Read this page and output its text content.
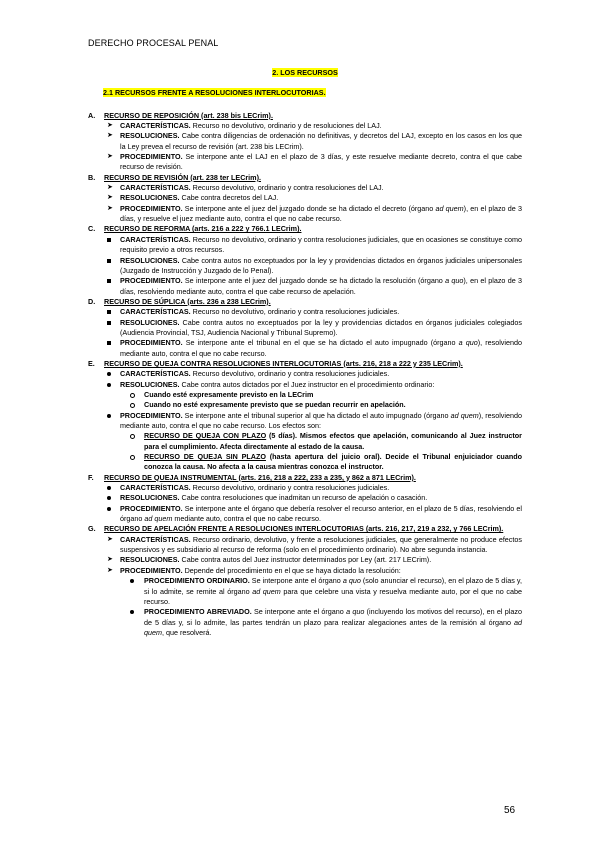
DERECHO PROCESAL PENAL
2. LOS RECURSOS
2.1 RECURSOS FRENTE A RESOLUCIONES INTERLOCUTORIAS.
A. RECURSO DE REPOSICIÓN (art. 238 bis LECrim).
➤ CARACTERÍSTICAS. Recurso no devolutivo, ordinario y de resoluciones del LAJ.
➤ RESOLUCIONES. Cabe contra diligencias de ordenación no definitivas, y decretos del LAJ, excepto en los casos en los que la Ley prevea el recurso de revisión (art. 238 bis LECrim).
➤ PROCEDIMIENTO. Se interpone ante el LAJ en el plazo de 3 días, y este resuelve mediante decreto, contra el que cabe recurso de revisión.
B. RECURSO DE REVISIÓN (art. 238 ter LECrim).
➤ CARACTERÍSTICAS. Recurso devolutivo, ordinario y contra resoluciones del LAJ.
➤ RESOLUCIONES. Cabe contra decretos del LAJ.
➤ PROCEDIMIENTO. Se interpone ante el juez del juzgado donde se ha dictado el decreto (órgano ad quem), en el plazo de 3 días, y resuelve el juez mediante auto, contra el que no cabe recurso.
C. RECURSO DE REFORMA (arts. 216 a 222 y 766.1 LECrim).
CARACTERÍSTICAS. Recurso no devolutivo, ordinario y contra resoluciones judiciales, que en ocasiones se constituye como requisito previo a otros recursos.
RESOLUCIONES. Cabe contra autos no exceptuados por la ley y providencias dictados en órganos judiciales unipersonales (Juzgado de Instrucción y Juzgado de lo Penal).
PROCEDIMIENTO. Se interpone ante el juez del juzgado donde se ha dictado la resolución (órgano a quo), en el plazo de 3 días, resolviendo mediante auto, contra el que cabe recurso de apelación.
D. RECURSO DE SÚPLICA (arts. 236 a 238 LECrim).
CARACTERÍSTICAS. Recurso no devolutivo, ordinario y contra resoluciones judiciales.
RESOLUCIONES. Cabe contra autos no exceptuados por la ley y providencias dictados en órganos judiciales colegiados (Audiencia Provincial, TSJ, Audiencia Nacional y Tribunal Supremo).
PROCEDIMIENTO. Se interpone ante el tribunal en el que se ha dictado el auto impugnado (órgano a quo), resolviendo mediante auto, contra el que no cabe recurso.
E. RECURSO DE QUEJA CONTRA RESOLUCIONES INTERLOCUTORIAS (arts. 216, 218 a 222 y 235 LECrim).
CARACTERÍSTICAS. Recurso devolutivo, ordinario y contra resoluciones judiciales.
RESOLUCIONES. Cabe contra autos dictados por el Juez instructor en el procedimiento ordinario:
Cuando esté expresamente previsto en la LECrim
Cuando no esté expresamente previsto que se puedan recurrir en apelación.
PROCEDIMIENTO. Se interpone ante el tribunal superior al que ha dictado el auto impugnado (órgano ad quem), resolviendo mediante auto, contra el que no cabe recurso. Los efectos son:
RECURSO DE QUEJA CON PLAZO (5 días). Mismos efectos que apelación, comunicando al Juez instructor para el cumplimiento. Afecta directamente al estado de la causa.
RECURSO DE QUEJA SIN PLAZO (hasta apertura del juicio oral). Decide el Tribunal enjuiciador cuando conozca la causa. No afecta a la causa mientras conozca el instructor.
F. RECURSO DE QUEJA INSTRUMENTAL (arts. 216, 218 a 222, 233 a 235, y 862 a 871 LECrim).
CARACTERÍSTICAS. Recurso devolutivo, ordinario y contra resoluciones judiciales.
RESOLUCIONES. Cabe contra resoluciones que inadmitan un recurso de apelación o casación.
PROCEDIMIENTO. Se interpone ante el órgano que debería resolver el recurso anterior, en el plazo de 5 días, resolviendo el órgano ad quem mediante auto, contra el que no cabe recurso.
G. RECURSO DE APELACIÓN FRENTE A RESOLUCIONES INTERLOCUTORIAS (arts. 216, 217, 219 a 232, y 766 LECrim).
➤ CARACTERÍSTICAS. Recurso ordinario, devolutivo, y frente a resoluciones judiciales, que generalmente no produce efectos suspensivos y es subsidiario al recurso de reforma (solo en el procedimiento ordinario). No abre segunda instancia.
➤ RESOLUCIONES. Cabe contra autos del Juez instructor determinados por Ley (art. 217 LECrim).
➤ PROCEDIMIENTO. Depende del procedimiento en el que se haya dictado la resolución:
PROCEDIMIENTO ORDINARIO. Se interpone ante el órgano a quo (solo anunciar el recurso), en el plazo de 5 días y, si lo admite, se remite al órgano ad quem para que celebre una vista y resuelva mediante auto, por el que no cabe recurso.
PROCEDIMIENTO ABREVIADO. Se interpone ante el órgano a quo (incluyendo los motivos del recurso), en el plazo de 5 días y, si lo admite, las partes tendrán un plazo para realizar alegaciones antes de la remisión al órgano ad quem, que resolverá.
56
